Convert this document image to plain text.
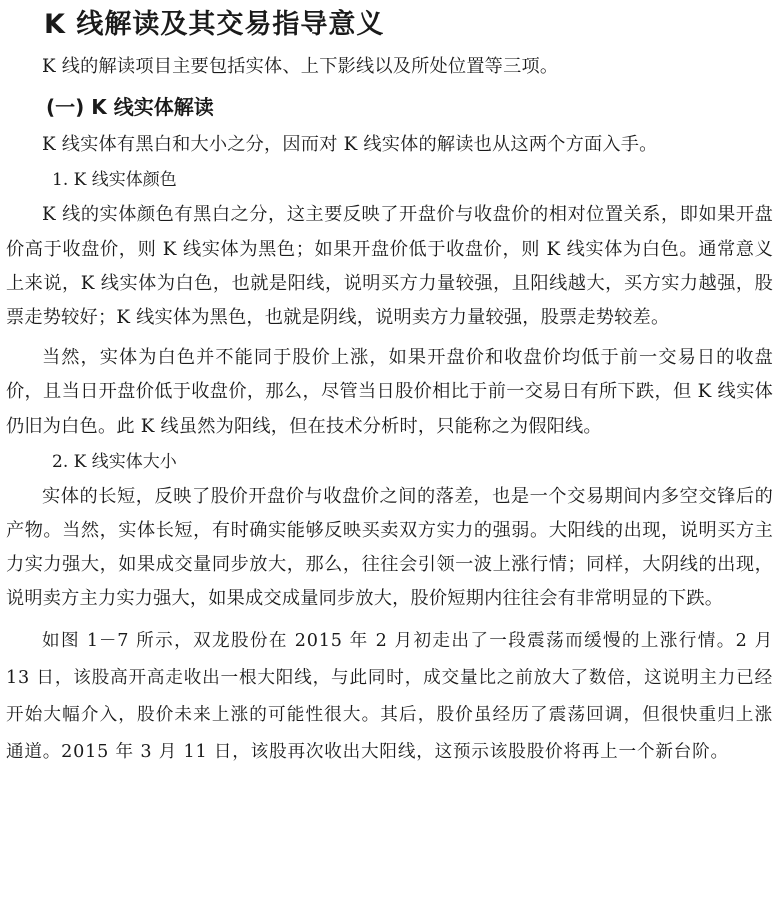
K 线解读及其交易指导意义

K 线的解读项目主要包括实体、上下影线以及所处位置等三项。

(一) K 线实体解读

K 线实体有黑白和大小之分，因而对 K 线实体的解读也从这两个方面入手。

1. K 线实体颜色

K 线的实体颜色有黑白之分，这主要反映了开盘价与收盘价的相对位置关系，即如果开盘价高于收盘价，则 K 线实体为黑色；如果开盘价低于收盘价，则 K 线实体为白色。通常意义上来说，K 线实体为白色，也就是阳线，说明买方力量较强，且阳线越大，买方实力越强，股票走势较好；K 线实体为黑色，也就是阴线，说明卖方力量较强，股票走势较差。

当然，实体为白色并不能同于股价上涨，如果开盘价和收盘价均低于前一交易日的收盘价，且当日开盘价低于收盘价，那么，尽管当日股价相比于前一交易日有所下跌，但 K 线实体仍旧为白色。此 K 线虽然为阳线，但在技术分析时，只能称之为假阳线。

2. K 线实体大小

实体的长短，反映了股价开盘价与收盘价之间的落差，也是一个交易期间内多空交锋后的产物。当然，实体长短，有时确实能够反映买卖双方实力的强弱。大阳线的出现，说明买方主力实力强大，如果成交量同步放大，那么，往往会引领一波上涨行情；同样，大阴线的出现，说明卖方主力实力强大，如果成交成量同步放大，股价短期内往往会有非常明显的下跌。

如图 1－7 所示，双龙股份在 2015 年 2 月初走出了一段震荡而缓慢的上涨行情。2 月 13 日，该股高开高走收出一根大阳线，与此同时，成交量比之前放大了数倍，这说明主力已经开始大幅介入，股价未来上涨的可能性很大。其后，股价虽经历了震荡回调，但很快重归上涨通道。2015 年 3 月 11 日，该股再次收出大阳线，这预示该股股价将再上一个新台阶。
